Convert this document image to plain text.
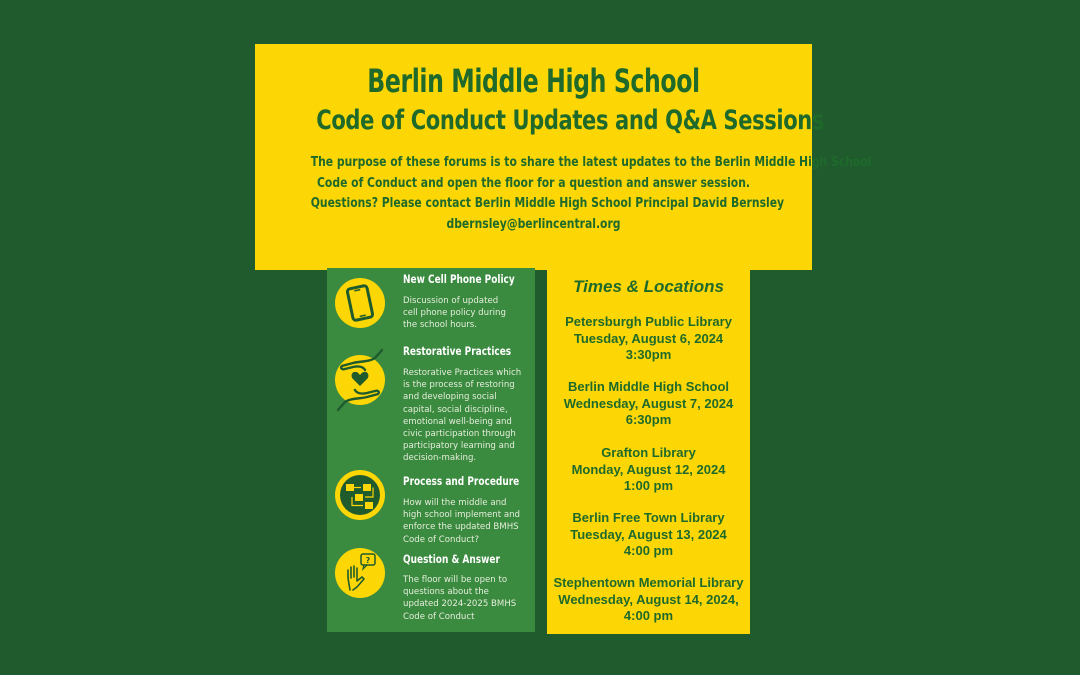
Berlin Middle High School
Code of Conduct Updates and Q&A Sessions
The purpose of these forums is to share the latest updates to the Berlin Middle High School
Code of Conduct and open the floor for a question and answer session.
Questions? Please contact Berlin Middle High School Principal David Bernsley
dbernsley@berlincentral.org
New Cell Phone Policy
Discussion of updated
cell phone policy during
the school hours.
Restorative Practices
Restorative Practices which
is the process of restoring
and developing social
capital, social discipline,
emotional well-being and
civic participation through
participatory learning and
decision-making.
Process and Procedure
How will the middle and
high school implement and
enforce the updated BMHS
Code of Conduct?
?	Question & Answer
The floor will be open to
questions about the
updated 2024-2025 BMHS
Code of Conduct
Times & Locations
Petersburgh Public Library
Tuesday, August 6, 2024
3:30pm
Berlin Middle High School
Wednesday, August 7, 2024
6:30pm
Grafton Library
Monday, August 12, 2024
1:00 pm
Berlin Free Town Library
Tuesday, August 13, 2024
4:00 pm
Stephentown Memorial Library
Wednesday, August 14, 2024,
4:00 pm
